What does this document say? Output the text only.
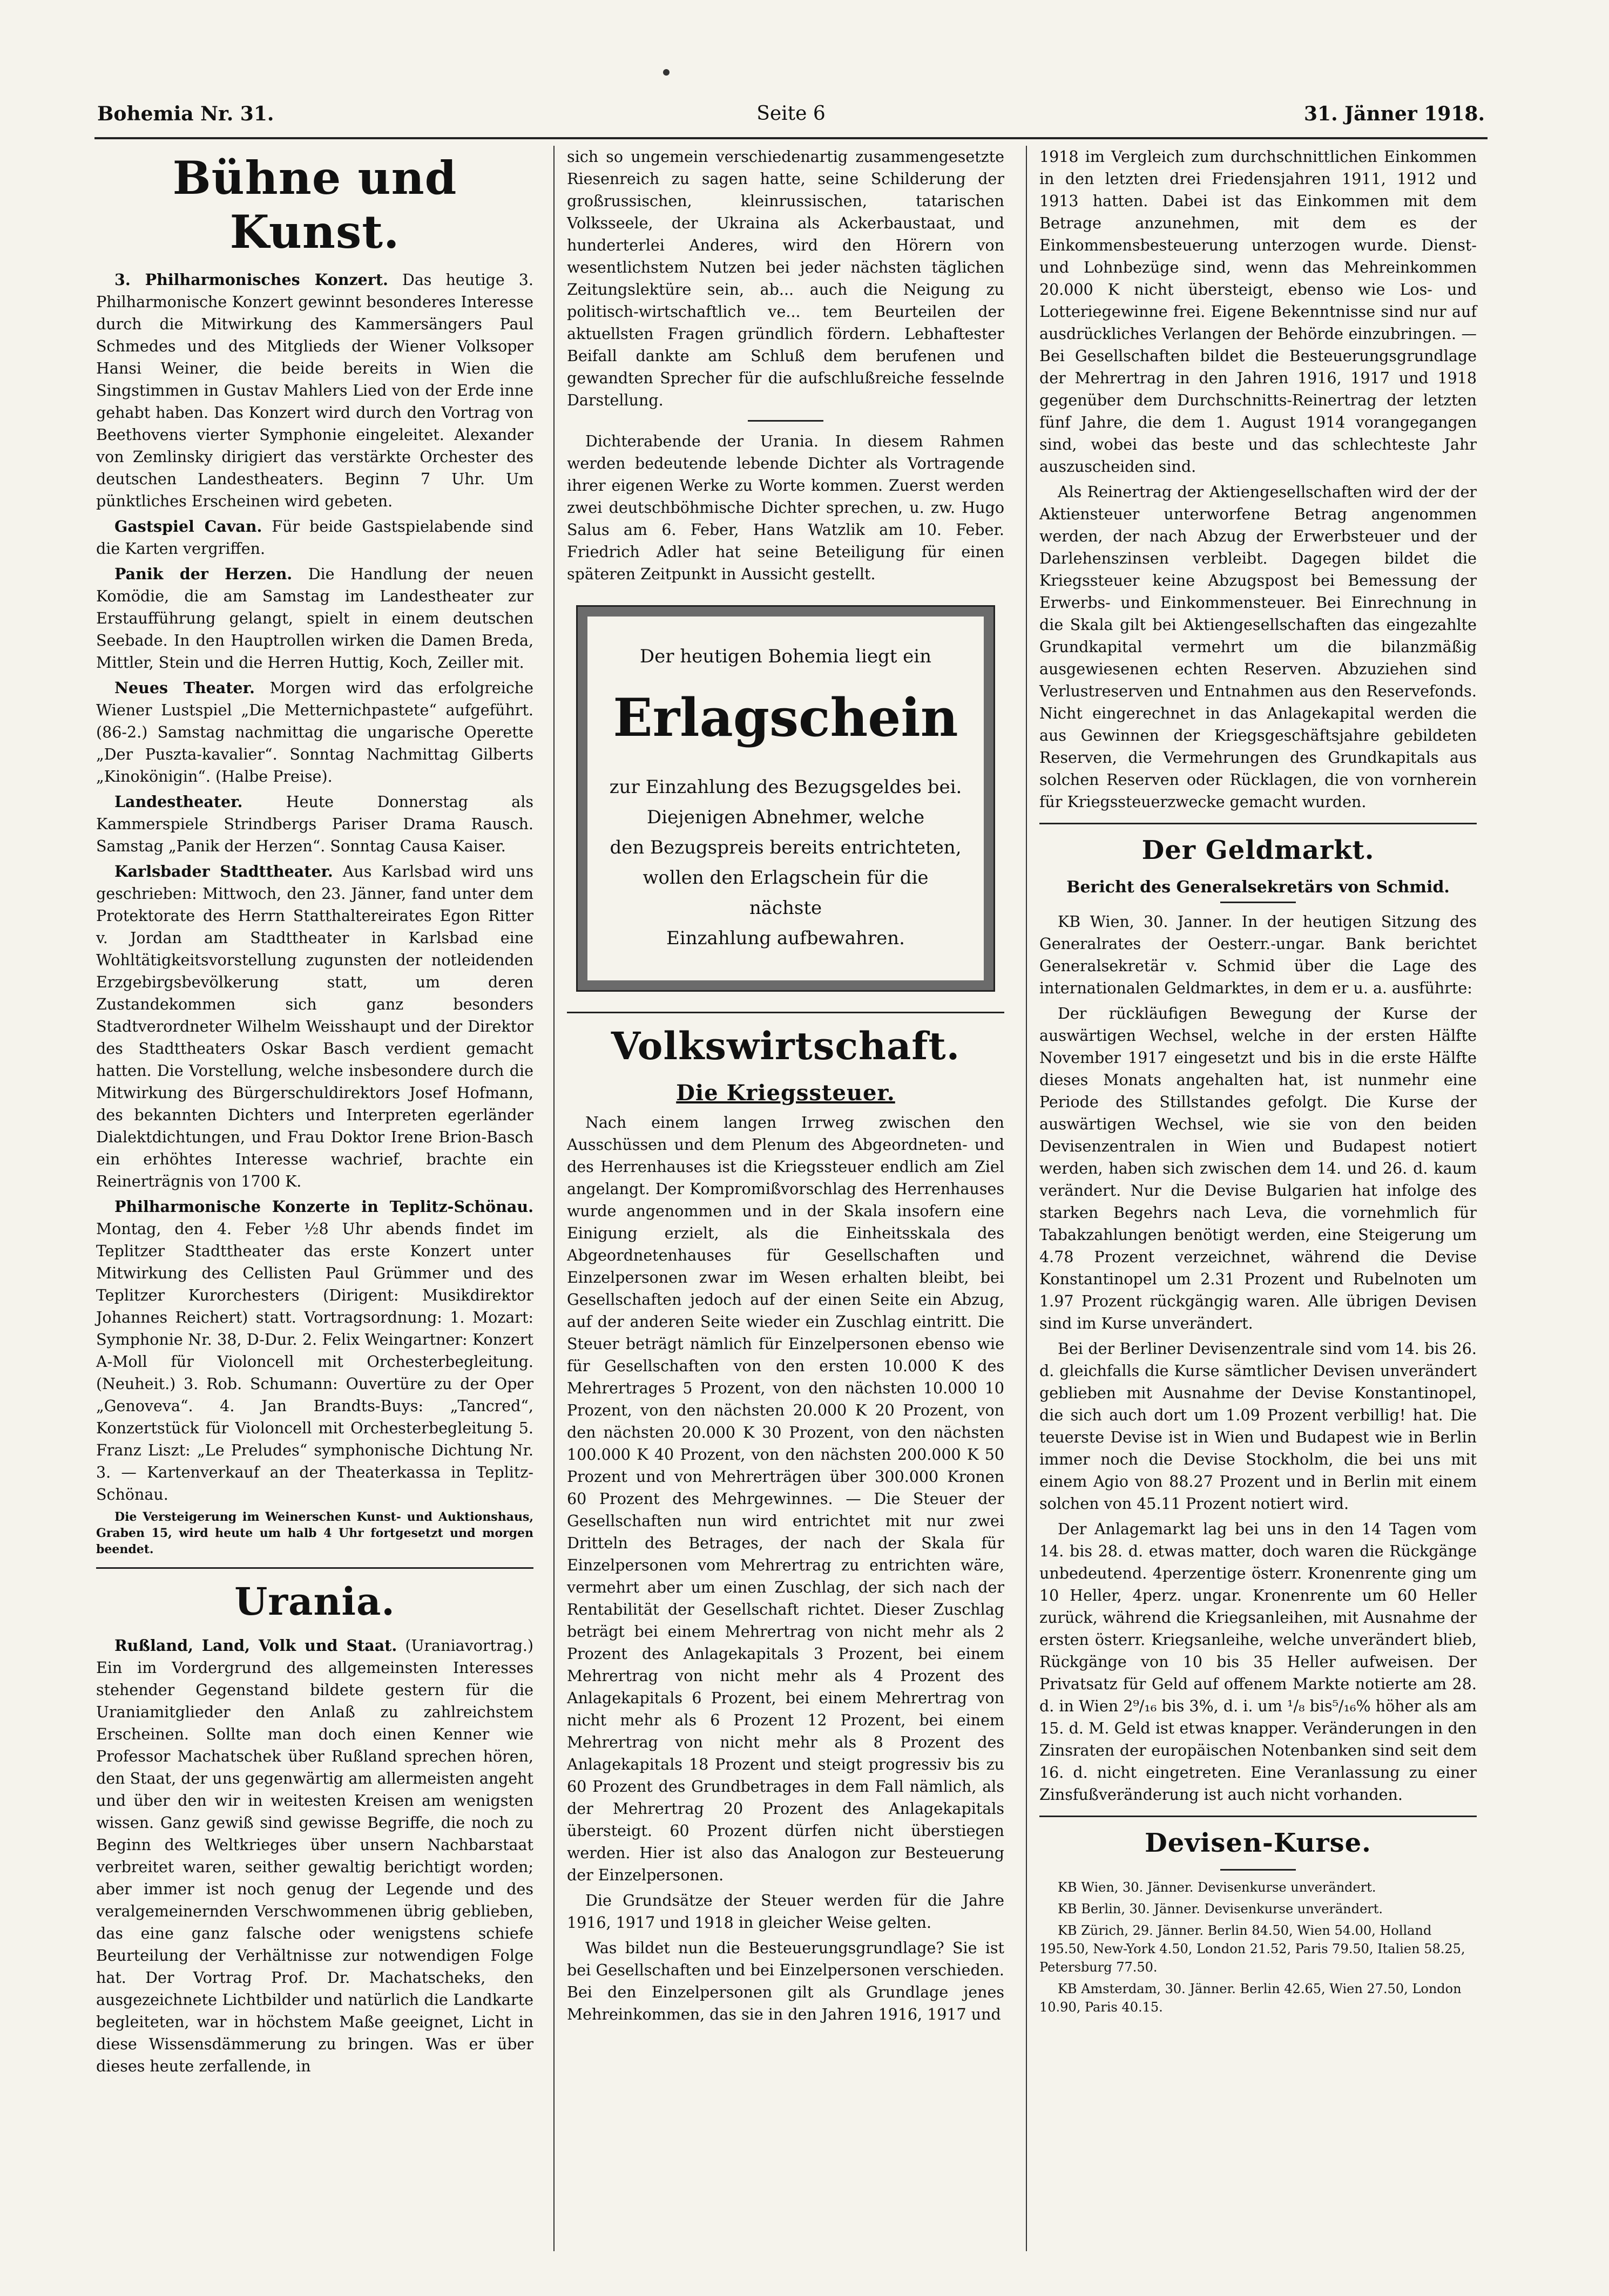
Bohemia Nr. 31.	Seite 6	31. Jänner 1918.
Bühne und Kunst.

3. Philharmonisches Konzert. Das heutige 3. Philharmonische Konzert gewinnt besonderes Interesse durch die Mitwirkung des Kammersängers Paul Schmedes und des Mitglieds der Wiener Volksoper Hansi Weiner, die beide bereits in Wien die Singstimmen in Gustav Mahlers Lied von der Erde inne gehabt haben. Das Konzert wird durch den Vortrag von Beethovens vierter Symphonie eingeleitet. Alexander von Zemlinsky dirigiert das verstärkte Orchester des deutschen Landestheaters. Beginn 7 Uhr. Um pünktliches Erscheinen wird gebeten.

Gastspiel Cavan. Für beide Gastspielabende sind die Karten vergriffen.

Panik der Herzen. Die Handlung der neuen Komödie, die am Samstag im Landestheater zur Erstaufführung gelangt, spielt in einem deutschen Seebade. In den Hauptrollen wirken die Damen Breda, Mittler, Stein und die Herren Huttig, Koch, Zeiller mit.

Neues Theater. Morgen wird das erfolgreiche Wiener Lustspiel „Die Metternichpastete“ aufgeführt. (86-2.) Samstag nachmittag die ungarische Operette „Der Puszta-kavalier“. Sonntag Nachmittag Gilberts „Kinokönigin“. (Halbe Preise).

Landestheater. Heute Donnerstag als Kammerspiele Strindbergs Pariser Drama Rausch. Samstag „Panik der Herzen“. Sonntag Causa Kaiser.

Karlsbader Stadttheater. Aus Karlsbad wird uns geschrieben: Mittwoch, den 23. Jänner, fand unter dem Protektorate des Herrn Statthaltereirates Egon Ritter v. Jordan am Stadttheater in Karlsbad eine Wohltätigkeitsvorstellung zugunsten der notleidenden Erzgebirgsbevölkerung statt, um deren Zustandekommen sich ganz besonders Stadtverordneter Wilhelm Weisshaupt und der Direktor des Stadttheaters Oskar Basch verdient gemacht hatten. Die Vorstellung, welche insbesondere durch die Mitwirkung des Bürgerschuldirektors Josef Hofmann, des bekannten Dichters und Interpreten egerländer Dialektdichtungen, und Frau Doktor Irene Brion-Basch ein erhöhtes Interesse wachrief, brachte ein Reinerträgnis von 1700 K.

Philharmonische Konzerte in Teplitz-Schönau. Montag, den 4. Feber ½8 Uhr abends findet im Teplitzer Stadttheater das erste Konzert unter Mitwirkung des Cellisten Paul Grümmer und des Teplitzer Kurorchesters (Dirigent: Musikdirektor Johannes Reichert) statt. Vortragsordnung: 1. Mozart: Symphonie Nr. 38, D-Dur. 2. Felix Weingartner: Konzert A-Moll für Violoncell mit Orchesterbegleitung. (Neuheit.) 3. Rob. Schumann: Ouvertüre zu der Oper „Genoveva“. 4. Jan Brandts-Buys: „Tancred“, Konzertstück für Violoncell mit Orchesterbegleitung 5. Franz Liszt: „Le Preludes“ symphonische Dichtung Nr. 3. — Kartenverkauf an der Theaterkassa in Teplitz-Schönau.

Die Versteigerung im Weinerschen Kunst- und Auktionshaus, Graben 15, wird heute um halb 4 Uhr fortgesetzt und morgen beendet.

Urania.

Rußland, Land, Volk und Staat. (Uraniavortrag.) Ein im Vordergrund des allgemeinsten Interesses stehender Gegenstand bildete gestern für die Uraniamitglieder den Anlaß zu zahlreichstem Erscheinen. Sollte man doch einen Kenner wie Professor Machatschek über Rußland sprechen hören, den Staat, der uns gegenwärtig am allermeisten angeht und über den wir in weitesten Kreisen am wenigsten wissen. Ganz gewiß sind gewisse Begriffe, die noch zu Beginn des Weltkrieges über unsern Nachbarstaat verbreitet waren, seither gewaltig berichtigt worden; aber immer ist noch genug der Legende und des veralgemeinernden Verschwommenen übrig geblieben, das eine ganz falsche oder wenigstens schiefe Beurteilung der Verhältnisse zur notwendigen Folge hat. Der Vortrag Prof. Dr. Machatscheks, den ausgezeichnete Lichtbilder und natürlich die Landkarte begleiteten, war in höchstem Maße geeignet, Licht in diese Wissensdämmerung zu bringen. Was er über dieses heute zerfallende, in

sich so ungemein verschiedenartig zusammengesetzte Riesenreich zu sagen hatte, seine Schilderung der großrussischen, kleinrussischen, tatarischen Volksseele, der Ukraina als Ackerbaustaat, und hunderterlei Anderes, wird den Hörern von wesentlichstem Nutzen bei jeder nächsten täglichen Zeitungslektüre sein, ab... auch die Neigung zu politisch-wirtschaftlich ve... tem Beurteilen der aktuellsten Fragen gründlich fördern. Lebhaftester Beifall dankte am Schluß dem berufenen und gewandten Sprecher für die aufschlußreiche fesselnde Darstellung.

Dichterabende der Urania. In diesem Rahmen werden bedeutende lebende Dichter als Vortragende ihrer eigenen Werke zu Worte kommen. Zuerst werden zwei deutschböhmische Dichter sprechen, u. zw. Hugo Salus am 6. Feber, Hans Watzlik am 10. Feber. Friedrich Adler hat seine Beteiligung für einen späteren Zeitpunkt in Aussicht gestellt.

Der heutigen Bohemia liegt ein
Erlagschein
zur Einzahlung des Bezugsgeldes bei.
Diejenigen Abnehmer, welche
den Bezugspreis bereits entrichteten,
wollen den Erlagschein für die nächste
Einzahlung aufbewahren.
Volkswirtschaft.
Die Kriegssteuer.

Nach einem langen Irrweg zwischen den Ausschüssen und dem Plenum des Abgeordneten- und des Herrenhauses ist die Kriegssteuer endlich am Ziel angelangt. Der Kompromißvorschlag des Herrenhauses wurde angenommen und in der Skala insofern eine Einigung erzielt, als die Einheitsskala des Abgeordnetenhauses für Gesellschaften und Einzelpersonen zwar im Wesen erhalten bleibt, bei Gesellschaften jedoch auf der einen Seite ein Abzug, auf der anderen Seite wieder ein Zuschlag eintritt. Die Steuer beträgt nämlich für Einzelpersonen ebenso wie für Gesellschaften von den ersten 10.000 K des Mehrertrages 5 Prozent, von den nächsten 10.000 10 Prozent, von den nächsten 20.000 K 20 Prozent, von den nächsten 20.000 K 30 Prozent, von den nächsten 100.000 K 40 Prozent, von den nächsten 200.000 K 50 Prozent und von Mehrerträgen über 300.000 Kronen 60 Prozent des Mehrgewinnes. — Die Steuer der Gesellschaften nun wird entrichtet mit nur zwei Dritteln des Betrages, der nach der Skala für Einzelpersonen vom Mehrertrag zu entrichten wäre, vermehrt aber um einen Zuschlag, der sich nach der Rentabilität der Gesellschaft richtet. Dieser Zuschlag beträgt bei einem Mehrertrag von nicht mehr als 2 Prozent des Anlagekapitals 3 Prozent, bei einem Mehrertrag von nicht mehr als 4 Prozent des Anlagekapitals 6 Prozent, bei einem Mehrertrag von nicht mehr als 6 Prozent 12 Prozent, bei einem Mehrertrag von nicht mehr als 8 Prozent des Anlagekapitals 18 Prozent und steigt progressiv bis zu 60 Prozent des Grundbetrages in dem Fall nämlich, als der Mehrertrag 20 Prozent des Anlagekapitals übersteigt. 60 Prozent dürfen nicht überstiegen werden. Hier ist also das Analogon zur Besteuerung der Einzelpersonen.

Die Grundsätze der Steuer werden für die Jahre 1916, 1917 und 1918 in gleicher Weise gelten.

Was bildet nun die Besteuerungsgrundlage? Sie ist bei Gesellschaften und bei Einzelpersonen verschieden. Bei den Einzelpersonen gilt als Grundlage jenes Mehreinkommen, das sie in den Jahren 1916, 1917 und

1918 im Vergleich zum durchschnittlichen Einkommen in den letzten drei Friedensjahren 1911, 1912 und 1913 hatten. Dabei ist das Einkommen mit dem Betrage anzunehmen, mit dem es der Einkommensbesteuerung unterzogen wurde. Dienst- und Lohnbezüge sind, wenn das Mehreinkommen 20.000 K nicht übersteigt, ebenso wie Los- und Lotteriegewinne frei. Eigene Bekenntnisse sind nur auf ausdrückliches Verlangen der Behörde einzubringen. — Bei Gesellschaften bildet die Besteuerungsgrundlage der Mehrertrag in den Jahren 1916, 1917 und 1918 gegenüber dem Durchschnitts-Reinertrag der letzten fünf Jahre, die dem 1. August 1914 vorangegangen sind, wobei das beste und das schlechteste Jahr auszuscheiden sind.

Als Reinertrag der Aktiengesellschaften wird der der Aktiensteuer unterworfene Betrag angenommen werden, der nach Abzug der Erwerbsteuer und der Darlehenszinsen verbleibt. Dagegen bildet die Kriegssteuer keine Abzugspost bei Bemessung der Erwerbs- und Einkommensteuer. Bei Einrechnung in die Skala gilt bei Aktiengesellschaften das eingezahlte Grundkapital vermehrt um die bilanzmäßig ausgewiesenen echten Reserven. Abzuziehen sind Verlustreserven und Entnahmen aus den Reservefonds. Nicht eingerechnet in das Anlagekapital werden die aus Gewinnen der Kriegsgeschäftsjahre gebildeten Reserven, die Vermehrungen des Grundkapitals aus solchen Reserven oder Rücklagen, die von vornherein für Kriegssteuerzwecke gemacht wurden.

Der Geldmarkt.
Bericht des Generalsekretärs von Schmid.

KB Wien, 30. Janner. In der heutigen Sitzung des Generalrates der Oesterr.-ungar. Bank berichtet Generalsekretär v. Schmid über die Lage des internationalen Geldmarktes, in dem er u. a. ausführte:

Der rückläufigen Bewegung der Kurse der auswärtigen Wechsel, welche in der ersten Hälfte November 1917 eingesetzt und bis in die erste Hälfte dieses Monats angehalten hat, ist nunmehr eine Periode des Stillstandes gefolgt. Die Kurse der auswärtigen Wechsel, wie sie von den beiden Devisenzentralen in Wien und Budapest notiert werden, haben sich zwischen dem 14. und 26. d. kaum verändert. Nur die Devise Bulgarien hat infolge des starken Begehrs nach Leva, die vornehmlich für Tabakzahlungen benötigt werden, eine Steigerung um 4.78 Prozent verzeichnet, während die Devise Konstantinopel um 2.31 Prozent und Rubelnoten um 1.97 Prozent rückgängig waren. Alle übrigen Devisen sind im Kurse unverändert.

Bei der Berliner Devisenzentrale sind vom 14. bis 26. d. gleichfalls die Kurse sämtlicher Devisen unverändert geblieben mit Ausnahme der Devise Konstantinopel, die sich auch dort um 1.09 Prozent verbillig! hat. Die teuerste Devise ist in Wien und Budapest wie in Berlin immer noch die Devise Stockholm, die bei uns mit einem Agio von 88.27 Prozent und in Berlin mit einem solchen von 45.11 Prozent notiert wird.

Der Anlagemarkt lag bei uns in den 14 Tagen vom 14. bis 28. d. etwas matter, doch waren die Rückgänge unbedeutend. 4perzentige österr. Kronenrente ging um 10 Heller, 4perz. ungar. Kronenrente um 60 Heller zurück, während die Kriegsanleihen, mit Ausnahme der ersten österr. Kriegsanleihe, welche unverändert blieb, Rückgänge von 10 bis 35 Heller aufweisen. Der Privatsatz für Geld auf offenem Markte notierte am 28. d. in Wien 2⁹/₁₆ bis 3%, d. i. um ¹/₈ bis⁵/₁₆% höher als am 15. d. M. Geld ist etwas knapper. Veränderungen in den Zinsraten der europäischen Notenbanken sind seit dem 16. d. nicht eingetreten. Eine Veranlassung zu einer Zinsfußveränderung ist auch nicht vorhanden.

Devisen-Kurse.

KB Wien, 30. Jänner. Devisenkurse unverändert.

KB Berlin, 30. Jänner. Devisenkurse unverändert.

KB Zürich, 29. Jänner. Berlin 84.50, Wien 54.00, Holland 195.50, New-York 4.50, London 21.52, Paris 79.50, Italien 58.25, Petersburg 77.50.

KB Amsterdam, 30. Jänner. Berlin 42.65, Wien 27.50, London 10.90, Paris 40.15.
